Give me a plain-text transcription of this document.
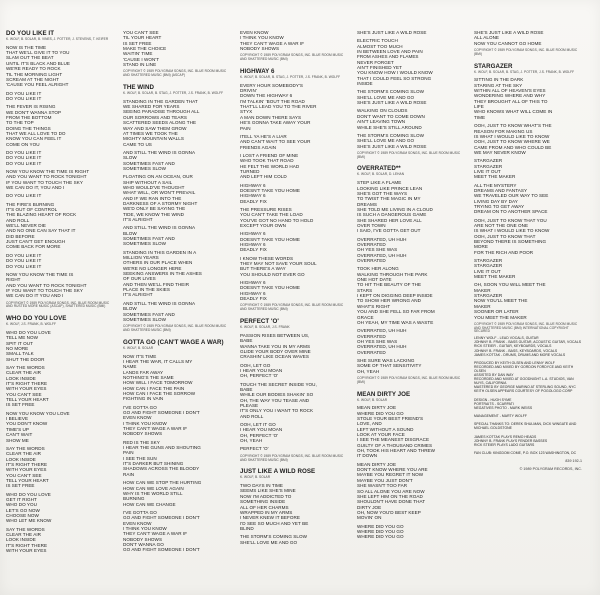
DO YOU LIKE IT
K. WOLF, B. SOLAR, B. VINES, J. POTTER, J. STEVENS, T. KEIFER
NOW IS THE TIME
THAT WE'LL GIVE IT TO YOU
SLAM OUT THE BEAT
UNTIL IT'S BLACK AND BLUE
WE'RE READY TO ROCK
TIL THE MORNING LIGHT
SCREAM AT THE NIGHT
'CAUSE YOU FEEL ALRIGHT
DO YOU LIKE IT
DO YOU LIKE IT
THE FEVER IS RISING
WE DON'T WANNA STOP
FROM THE BOTTOM
TO THE TOP
DOING THE THINGS
THAT WE ALL LOVE TO DO
KNOW YOU CAN FEEL IT
COME ON YOU
DO YOU LIKE IT
DO YOU LIKE IT
DO YOU LIKE IT
NOW YOU KNOW THE TIME IS RIGHT
AND YOU WANT TO ROCK TONIGHT
IF YOU WANT TO TOUCH THE SKY
WE CAN DO IT, YOU AND I
DO YOU LIKE IT
THE FIRE'S BURNING
IT'S OUT OF CONTROL
THE BLAZING HEART OF ROCK
AND ROLL
WE'LL NEVER DIE
AND NO ONE CAN SAY THAT IT
DID BEFORE
JUST CAN'T GET ENOUGH
COME BACK FOR MORE
DO YOU LIKE IT
DO YOU LIKE IT
DO YOU LIKE IT
NOW YOU KNOW THE TIME IS
RIGHT
AND YOU WANT TO ROCK TONIGHT
IF YOU WANT TO TOUCH THE SKY
WE CAN DO IT YOU AND I
COPYRIGHT © 1989 POLYGRAM SONGS, INC. BLUE ROOM MUSIC AND RUSTED MORE MUSIC (ASCAP), SHATTERED MUSIC (BMI)
WHO DO YOU LOVE
K. WOLF, J.S. FRANK, B. WOLFF
WHO DO YOU LOVE
TELL ME NOW
SPIT IT OUT
NO MORE
SMALL TALK
SHUT THE DOOR
SAY THE WORDS
CLEAR THE AIR
LOOK INSIDE
IT'S RIGHT THERE
WITH YOUR EYES
YOU CAN'T SEE
TELL YOUR HEART
IS SET FREE
NOW YOU KNOW YOU LOVE
I BELIEVE
YOU DON'T KNOW
TIME'S UP
CAN'T WAIT
SHOW ME
SAY THE WORDS
CLEAR THE AIR
LOOK INSIDE
IT'S RIGHT THERE
WITH YOUR EYES
YOU CAN'T SEE
TELL YOUR HEART
IS SET FREE
WHO DO YOU LOVE
GET IT RIGHT
WHO DO YOU
LET'S GO NOW
CHOOSE NOW
WHO LET ME KNOW
SAY THE WORDS
CLEAR THE AIR
LOOK INSIDE
IT'S RIGHT THERE
WITH YOUR EYES
YOU CAN'T SEE
TIL YOUR HEART
IS SET FREE
MAKE THE CHOICE
WAITIN' TIME
'CAUSE I WON'T
STAND IN LINE
COPYRIGHT © 1989 POLYGRAM SONGS, INC. BLUE ROOM MUSIC AND SHATTERED MUSIC (BMI) (ASCAP)
THE WIND
K. WOLF, B. SOLAR, B. STAG, J. POTTER, J.S. FRANK, B. WOLFF
STANDING IN THE GARDEN THAT
WE SHARED FOR YEARS
SEEING PARADISE THROUGH ALL
OUR SORROWS AND TEARS
SCATTERED SEEDS ALONG THE
WAY AND SAW THEM GROW
AT TIMES WE TOOK THE
MIGHTY MOUNTAIN WALLS
CAME TO US
AND STILL THE WIND IS GONNA
SLOW
SOMETIMES FAST AND
SOMETIMES SLOW
FLOATING ON AN OCEAN, OUR
SHIP WITHOUT A SAIL
WHO WOULD'VE THOUGHT
WHAT WILL, OR WON'T PREVAIL
AND IF WE RAN INTO THE
DARKNESS OF A STORMY NIGHT
WE'D ONLY BE SAYING THE
TIDE, WE KNOW THE WIND
IT'S ALRIGHT
AND STILL THE WIND IS GONNA
BLOW
SOMETIMES FAST AND
SOMETIMES SLOW
STANDING IN THIS GARDEN IN A
MILLION YEARS
OTHERS IN OUR PLACE WHEN
WE'RE NO LONGER HERE
SEEKING ANSWERS IN THE ASHES
OF OUR LIVES
AND THEN WE'LL FIND THEIR
PLACE IN THE SKIES
IT'S ALRIGHT
AND STILL THE WIND IS GONNA
BLOW
SOMETIMES FAST AND
SOMETIMES SLOW
COPYRIGHT © 1989 POLYGRAM SONGS, INC. BLUE ROOM MUSIC AND SHATTERED MUSIC (BMI)
GOTTA GO (CAN'T WAGE A WAR)
K. WOLF, B. SOLAR
NOW IT'S TIME
I HEAR THE WAR, IT CALLS MY
NAME
LANDS FAR AWAY
NOTHING'S THE SAME
HOW WILL I FACE TOMORROW
HOW CAN I FACE THE PAIN
HOW CAN I FACE THE SORROW
FIGHTING IN VAIN
I'VE GOTTA GO
GO AND FIGHT SOMEONE I DON'T
EVEN KNOW
I THINK YOU KNOW
THEY CAN'T WAGE A WAR IF
NOBODY SHOWS
RED IS THE SKY
I HEAR THE GUNS AND SHOUTING
PAIN
I SEE THE SUN
IT'S DARKER BUT SHINING
SHADOWS ACROSS THE BLOODY
RAIN
HOW CAN WE STOP THE HURTING
HOW CAN WE LOVE AGAIN
WHY IS THE WORLD STILL
BURNING
HOW CAN WE CHANGE
I'VE GOTTA GO
GO AND FIGHT SOMEONE I DON'T
EVEN KNOW
I THINK YOU KNOW
THEY CAN'T WAGE A WAR IF
NOBODY SHOWS
DON'T WANNA GO
GO AND FIGHT SOMEONE I DON'T
EVEN KNOW
I THINK YOU KNOW
THEY CAN'T WAGE A WAR IF
NOBODY SHOWS
COPYRIGHT © 1989 POLYGRAM SONGS, INC. BLUE ROOM MUSIC AND SHATTERED MUSIC (BMI)
HIGHWAY 6
K. WOLF, B. SOLAR, B. STAG, J. POTTER, J.S. FRANK, B. WOLFF
EVERY HOUR SOMEBODY'S
DRIVIN'
DOWN THE HIGHWAY 6
I'M TALKIN' 'BOUT THE ROAD
THAT'LL LEAD YOU TO THE RIVER
STYX
A MAN DOWN THERE SAYS
HE'S GONNA TAKE AWAY YOUR
PAIN
ITELL YA HE'S A LIAR
AND CAN'T WAIT TO SEE YOUR
FRIENDS AGAIN
I LOST A FRIEND OF MINE
WHO TOOK THAT ROAD
HE FELT THE WORLD HAD
TURNED
AND LEFT HIM COLD
HIGHWAY 6
DOESN'T TAKE YOU HOME
HIGHWAY 6
DEADLY FIX
THE PRESSURE RISES
YOU CAN'T TAKE THE LOAD
YOU'VE GOT NO HAND TO HOLD
EXCEPT YOUR OWN
HIGHWAY 6
DOESN'T TAKE YOU HOME
HIGHWAY 6
DEADLY FIX
I KNOW THESE WORDS
THEY MAY NOT SAVE YOUR SOUL
BUT THERE'S A WAY
YOU SHOULD NOT EVER GO
HIGHWAY 6
DOESN'T TAKE YOU HOME
HIGHWAY 6
DEADLY FIX
COPYRIGHT © 1989 POLYGRAM SONGS, INC. BLUE ROOM MUSIC AND SHATTERED MUSIC (BMI)
PERFECT 'O'
K. WOLF, B. SOLAR, J.S. FRANK
PASSION RISES BETWEEN US,
BABE
WANNA TAKE YOU IN MY ARMS
GLIDE YOUR BODY OVER MINE
CRASHIN' LIKE OCEAN WAVES
OOH, LET GO
I HEAR YOU MOAN
OH, PERFECT 'O'
TOUCH THE SECRET INSIDE YOU,
BABE
WHILE OUR BODIES SHAKIN' SO
OH, THE WAY YOU TEASE AND
PLEASE
IT'S ONLY YOU I WANT TO ROCK
AND ROLL
OOH, LET IT GO
I HEAR YOU MOAN
OH, PERFECT 'O'
OH, YEAH
PERFECT 'O'
COPYRIGHT © 1989 POLYGRAM SONGS, INC. BLUE ROOM MUSIC AND SHATTERED MUSIC (BMI)
JUST LIKE A WILD ROSE
K. WOLF, B. SOLAR
TWO DAYS IN TIME
SEEMS LIKE SHE'S MINE
NOW I'M ADDICTED TO
SOMETHING INSIDE
ALL OF HER CHARMS
WRAPPED IN MY ARMS
I NEVER KNEW IT BEFORE
I'D SEE SO MUCH AND YET BE
BLIND
THE STORM'S COMING SLOW
SHE'LL LOVE ME AND GO
SHE'S JUST LIKE A WILD ROSE
ELECTRIC TOUCH
ALMOST TOO MUCH
IN BETWEEN LOVE AND PAIN
FROM ASHES AND FLAMES
NEVER FORGET
AIN'T FINISHED YET
YOU KNOW HOW I WOULD KNOW
THAT I COULD FEEL SO STRONG
INSIDE
THE STORM'S COMING SLOW
SHE'LL LOVE ME AND GO
SHE'S JUST LIKE A WILD ROSE
WALKING ON CLOUDS
DON'T WANT TO COME DOWN
AIN'T LEAVING TOWN
WHILE SHE'S STILL AROUND
THE STORM'S COMING SLOW
SHE'LL LOVE ME AND GO
SHE'S JUST LIKE A WILD ROSE
COPYRIGHT © 1989 POLYGRAM SONGS, INC. BLUE ROOM MUSIC (BMI)
OVERRATED**
K. WOLF, B. SOLAR, D. LEHAN
STEP LIKE A FLAME
LOOKING LIKE PRINCE LEAN
SHE'S GOT THE WAYS
TO TWIST THE MAGIC IN MY
DREAMS
SHE TOLD ME LIVING IN A CLOUD
IS SUCH A DANGEROUS GAME
SHE SHARED HER LOVE ALL
OVER TOWN
I SAID, I'VE GOTTA GET OUT
OVERRATED, UH HUH
OVERRATED
OH YES SHE WAS
OVERRATED, UH HUH
OVERRATED
TOOK HER ALONG
WALKING THROUGH THE PARK
ONE HOT DATE
TO HIT THE BEAUTY OF THE
STARS
I KEPT ON DIGGING DEEP INSIDE
TO SHOW HER WRONG AND
WHAT'S RIGHT
YOU AND SHE FELL SO FAR FROM
GRACE
OH YEAH, MY TIME WAS A WASTE
OVERRATED, UH HUH
OVERRATED
OH YES SHE WAS
OVERRATED, UH HUH
OVERRATED
SHE SURE WAS LACKING
SOME OF THAT SENSITIVITY
OH, YEAH
COPYRIGHT © 1989 POLYGRAM SONGS, INC. BLUE ROOM MUSIC (BMI)
MEAN DIRTY JOE
K. WOLF, B. SOLAR
MEAN DIRTY JOE
WHERE DID YOU GO
STOLE YOUR BEST FRIEND'S
LOVE, AND
LEFT WITHOUT A SOUND
LOOK AT YOUR FACE
I SEE THE MEANEST DISGRACE
GUILTY OF A THOUSAND CRIMES
OH, TOOK HIS HEART AND THREW
IT DOWN
MEAN DIRTY JOE
DON'T KNOW WHERE YOU ARE
MAYBE YOU REGRET IT NOW
MAYBE YOU JUST DON'T
SHE WASN'T TOO FAR
SO ALL ALONE YOU ARE NOW
SHE LEFT HIM ON THE ROAD
SHOULDN'T HAVE DONE THAT
DIRTY JOE
OH, NOW YOU'D BEST KEEP
MOVIN' ON
WHERE DID YOU GO
WHERE DID YOU GO
WHERE DID YOU GO
SHE'S JUST LIKE A WILD ROSE
ALL ALONE
NOW YOU CANNOT GO HOME
COPYRIGHT © 1989 POLYGRAM SONGS, INC. BLUE ROOM MUSIC (BMI)
STARGAZER
K. WOLF, B. SOLAR, B. STAG, J. POTTER, J.S. FRANK, B. WOLFF
SITTING IN THE DARK
STARING AT THE SKY
WITHIN ALL OF HEAVEN'S EYES
WONDERING WHERE AND WHY
THEY BROUGHT ALL OF THIS TO
LIFE
WHO KNOWS WHAT WILL COME IN
TIME
OOH, JUST TO KNOW WHAT'S THE
REASON FOR MAKING US
IS WHAT I WOULD LIKE TO KNOW
OOH, JUST TO KNOW WHERE WE
CAME FROM AND WHO COULD BE
WE MAY NEVER KNOW
STARGAZER
STARGAZER
LIVE IT OUT
MEET THE MAKER
ALL THE MYSTERY
DREAMS AND FANTASY
WE TRAVELED OUR WAY TO SEE
LIVING DAY BY DAY
TRYING TO GET AWAY
DREAM ON TO ANOTHER SPACE
OOH, JUST TO KNOW THAT YOU
ARE NOT THE ONE ONE
IS WHAT I WOULD LIKE TO KNOW
OOH, JUST TO KNOW THAT
BEYOND THERE IS SOMETHING
MORE
FOR THE RICH AND POOR
STARGAZER
STARGAZER
LIVE IT OUT
MEET THE MAKER
OH, SOON YOU WILL MEET THE
MAKER
STARGAZER
NOW YOU'LL MEET THE
MAKER
SOONER OR LATER
YOU MEET THE MAKER
COPYRIGHT © 1989 POLYGRAM SONGS, INC. BLUE ROOM MUSIC AND SHATTERED MUSIC (BMI) INTERNATIONAL COPYRIGHT SECURED
LENNY WOLF - LEAD VOCALS, GUITAR
JOHNNY B. FRANK - BASS GUITAR, ACOUSTIC GUITAR, VOCALS
RICK STEIER - GUITAR, KEYBOARDS, VOCALS
JOHNNY B. FRANK - BASS, KEYBOARDS, VOCALS
JAMES KOTTAK - DRUMS, DRUMS AND MORE VOCALS

PRODUCED BY KEITH OLSEN AND LENNY WOLF
RECORDED AND MIXED BY GORDON FORDYCE AND KEITH OLSEN
ASSISTED BY DAN WAY
RECORDED AND MIXED AT GOODNIGHT L.A. STUDIOS, VAN NUYS, CALIFORNIA
MASTERED BY GEORGE MARINO AT STERLING SOUND, NYC
KEITH OLSEN APPEARS COURTESY OF POGOLOGO CORP

DESIGN - HUGH SYME
PORTRAITS - SCARPATI
NEGATIVES PHOTO - MARK WEISS

MANAGEMENT - MARTY WOLFF

SPECIAL THANKS TO: DEREK SHULMAN, DICK WINGATE AND MICHAEL GOLDSTONE

JAMES KOTTAK PLAYS REMO HEADS
JOHNNY B. FRANK PLAYS FENDER BASSES
RICK STEIER PLAYS LADO GUITARS

FAN CLUB: KINGDOM COME, P.O. BOX 123 WASHINGTON, DC
839 192-1
© 1989 POLYGRAM RECORDS, INC.
